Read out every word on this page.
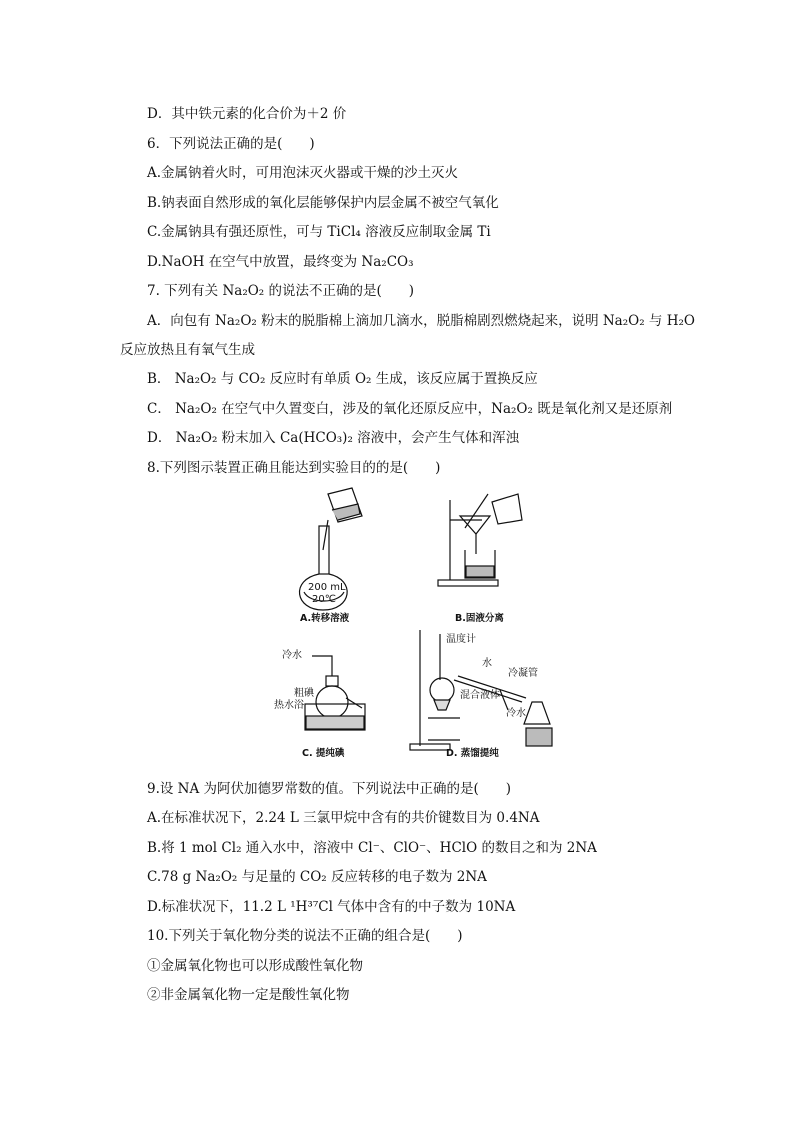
D．其中铁元素的化合价为＋2 价
6．下列说法正确的是(　　)
A.金属钠着火时，可用泡沫灭火器或干燥的沙土灭火
B.钠表面自然形成的氧化层能够保护内层金属不被空气氧化
C.金属钠具有强还原性，可与 TiCl₄ 溶液反应制取金属 Ti
D.NaOH 在空气中放置，最终变为 Na₂CO₃
7. 下列有关 Na₂O₂ 的说法不正确的是(　　)
A．向包有 Na₂O₂ 粉末的脱脂棉上滴加几滴水，脱脂棉剧烈燃烧起来，说明 Na₂O₂ 与 H₂O
反应放热且有氧气生成
B． Na₂O₂ 与 CO₂ 反应时有单质 O₂ 生成，该反应属于置换反应
C． Na₂O₂ 在空气中久置变白，涉及的氧化还原反应中，Na₂O₂ 既是氧化剂又是还原剂
D． Na₂O₂ 粉末加入 Ca(HCO₃)₂ 溶液中，会产生气体和浑浊
8.下列图示装置正确且能达到实验目的的是(　　)
200 mL
20℃
A.转移溶液	B.固液分离
冷水
粗碘
热水浴
C. 提纯碘
温度计
水
冷凝管
混合液体
冷水
D. 蒸馏提纯
9.设 NA 为阿伏加德罗常数的值。下列说法中正确的是(　　)
A.在标准状况下，2.24 L 三氯甲烷中含有的共价键数目为 0.4NA
B.将 1 mol Cl₂ 通入水中，溶液中 Cl⁻、ClO⁻、HClO 的数目之和为 2NA
C.78 g Na₂O₂ 与足量的 CO₂ 反应转移的电子数为 2NA
D.标准状况下，11.2 L ¹H³⁷Cl 气体中含有的中子数为 10NA
10.下列关于氧化物分类的说法不正确的组合是(　　)
①金属氧化物也可以形成酸性氧化物
②非金属氧化物一定是酸性氧化物
